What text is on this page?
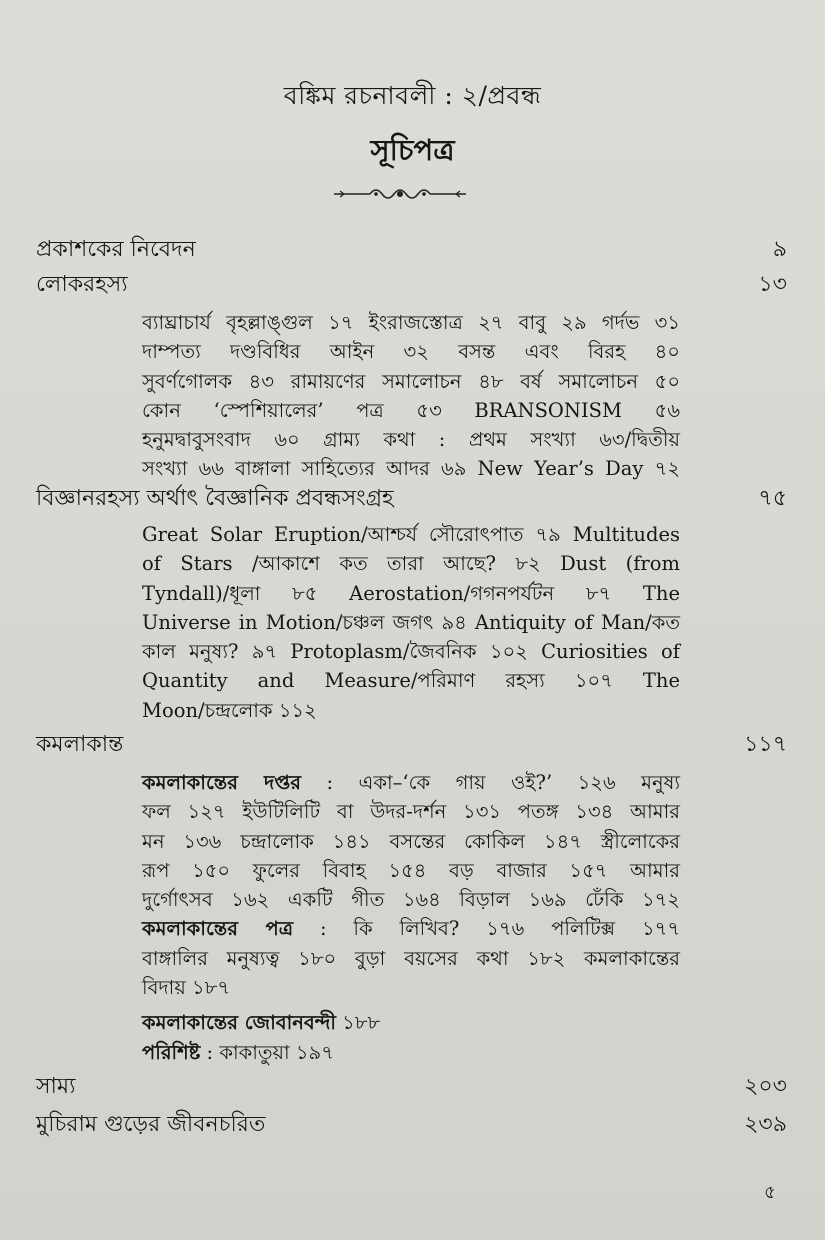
বঙ্কিম রচনাবলী : ২/প্রবন্ধ
সূচিপত্র
প্রকাশকের নিবেদন	৯
লোকরহস্য	১৩

ব্যাঘ্রাচার্য বৃহল্লাঙ্গুল ১৭ ইংরাজস্তোত্র ২৭ বাবু ২৯ গর্দভ ৩১

দাম্পত্য দণ্ডবিধির আইন ৩২ বসন্ত এবং বিরহ ৪০

সুবর্ণগোলক ৪৩ রামায়ণের সমালোচন ৪৮ বর্ষ সমালোচন ৫০

কোন ‘স্পেশিয়ালের’ পত্র ৫৩ BRANSONISM ৫৬

হনুমদ্বাবুসংবাদ ৬০ গ্রাম্য কথা : প্রথম সংখ্যা ৬৩/দ্বিতীয়

সংখ্যা ৬৬ বাঙ্গালা সাহিত্যের আদর ৬৯ New Year’s Day ৭২

বিজ্ঞানরহস্য অর্থাৎ বৈজ্ঞানিক প্রবন্ধসংগ্রহ	৭৫

Great Solar Eruption/আশ্চর্য সৌরোৎপাত ৭৯ Multitudes

of Stars /আকাশে কত তারা আছে? ৮২ Dust (from

Tyndall)/ধূলা ৮৫ Aerostation/গগনপর্যটন ৮৭ The

Universe in Motion/চঞ্চল জগৎ ৯৪ Antiquity of Man/কত

কাল মনুষ্য? ৯৭ Protoplasm/জৈবনিক ১০২ Curiosities of

Quantity and Measure/পরিমাণ রহস্য ১০৭ The

Moon/চন্দ্রলোক ১১২

কমলাকান্ত	১১৭

কমলাকান্তের দপ্তর : একা–‘কে গায় ওই?’ ১২৬ মনুষ্য

ফল ১২৭ ইউটিলিটি বা উদর-দর্শন ১৩১ পতঙ্গ ১৩৪ আমার

মন ১৩৬ চন্দ্রালোক ১৪১ বসন্তের কোকিল ১৪৭ স্ত্রীলোকের

রূপ ১৫০ ফুলের বিবাহ ১৫৪ বড় বাজার ১৫৭ আমার

দুর্গোৎসব ১৬২ একটি গীত ১৬৪ বিড়াল ১৬৯ ঢেঁকি ১৭২

কমলাকান্তের পত্র : কি লিখিব? ১৭৬ পলিটিক্স ১৭৭

বাঙ্গালির মনুষ্যত্ব ১৮০ বুড়া বয়সের কথা ১৮২ কমলাকান্তের

বিদায় ১৮৭

কমলাকান্তের জোবানবন্দী ১৮৮

পরিশিষ্ট : কাকাতুয়া ১৯৭

সাম্য	২০৩
মুচিরাম গুড়ের জীবনচরিত	২৩৯
৫
